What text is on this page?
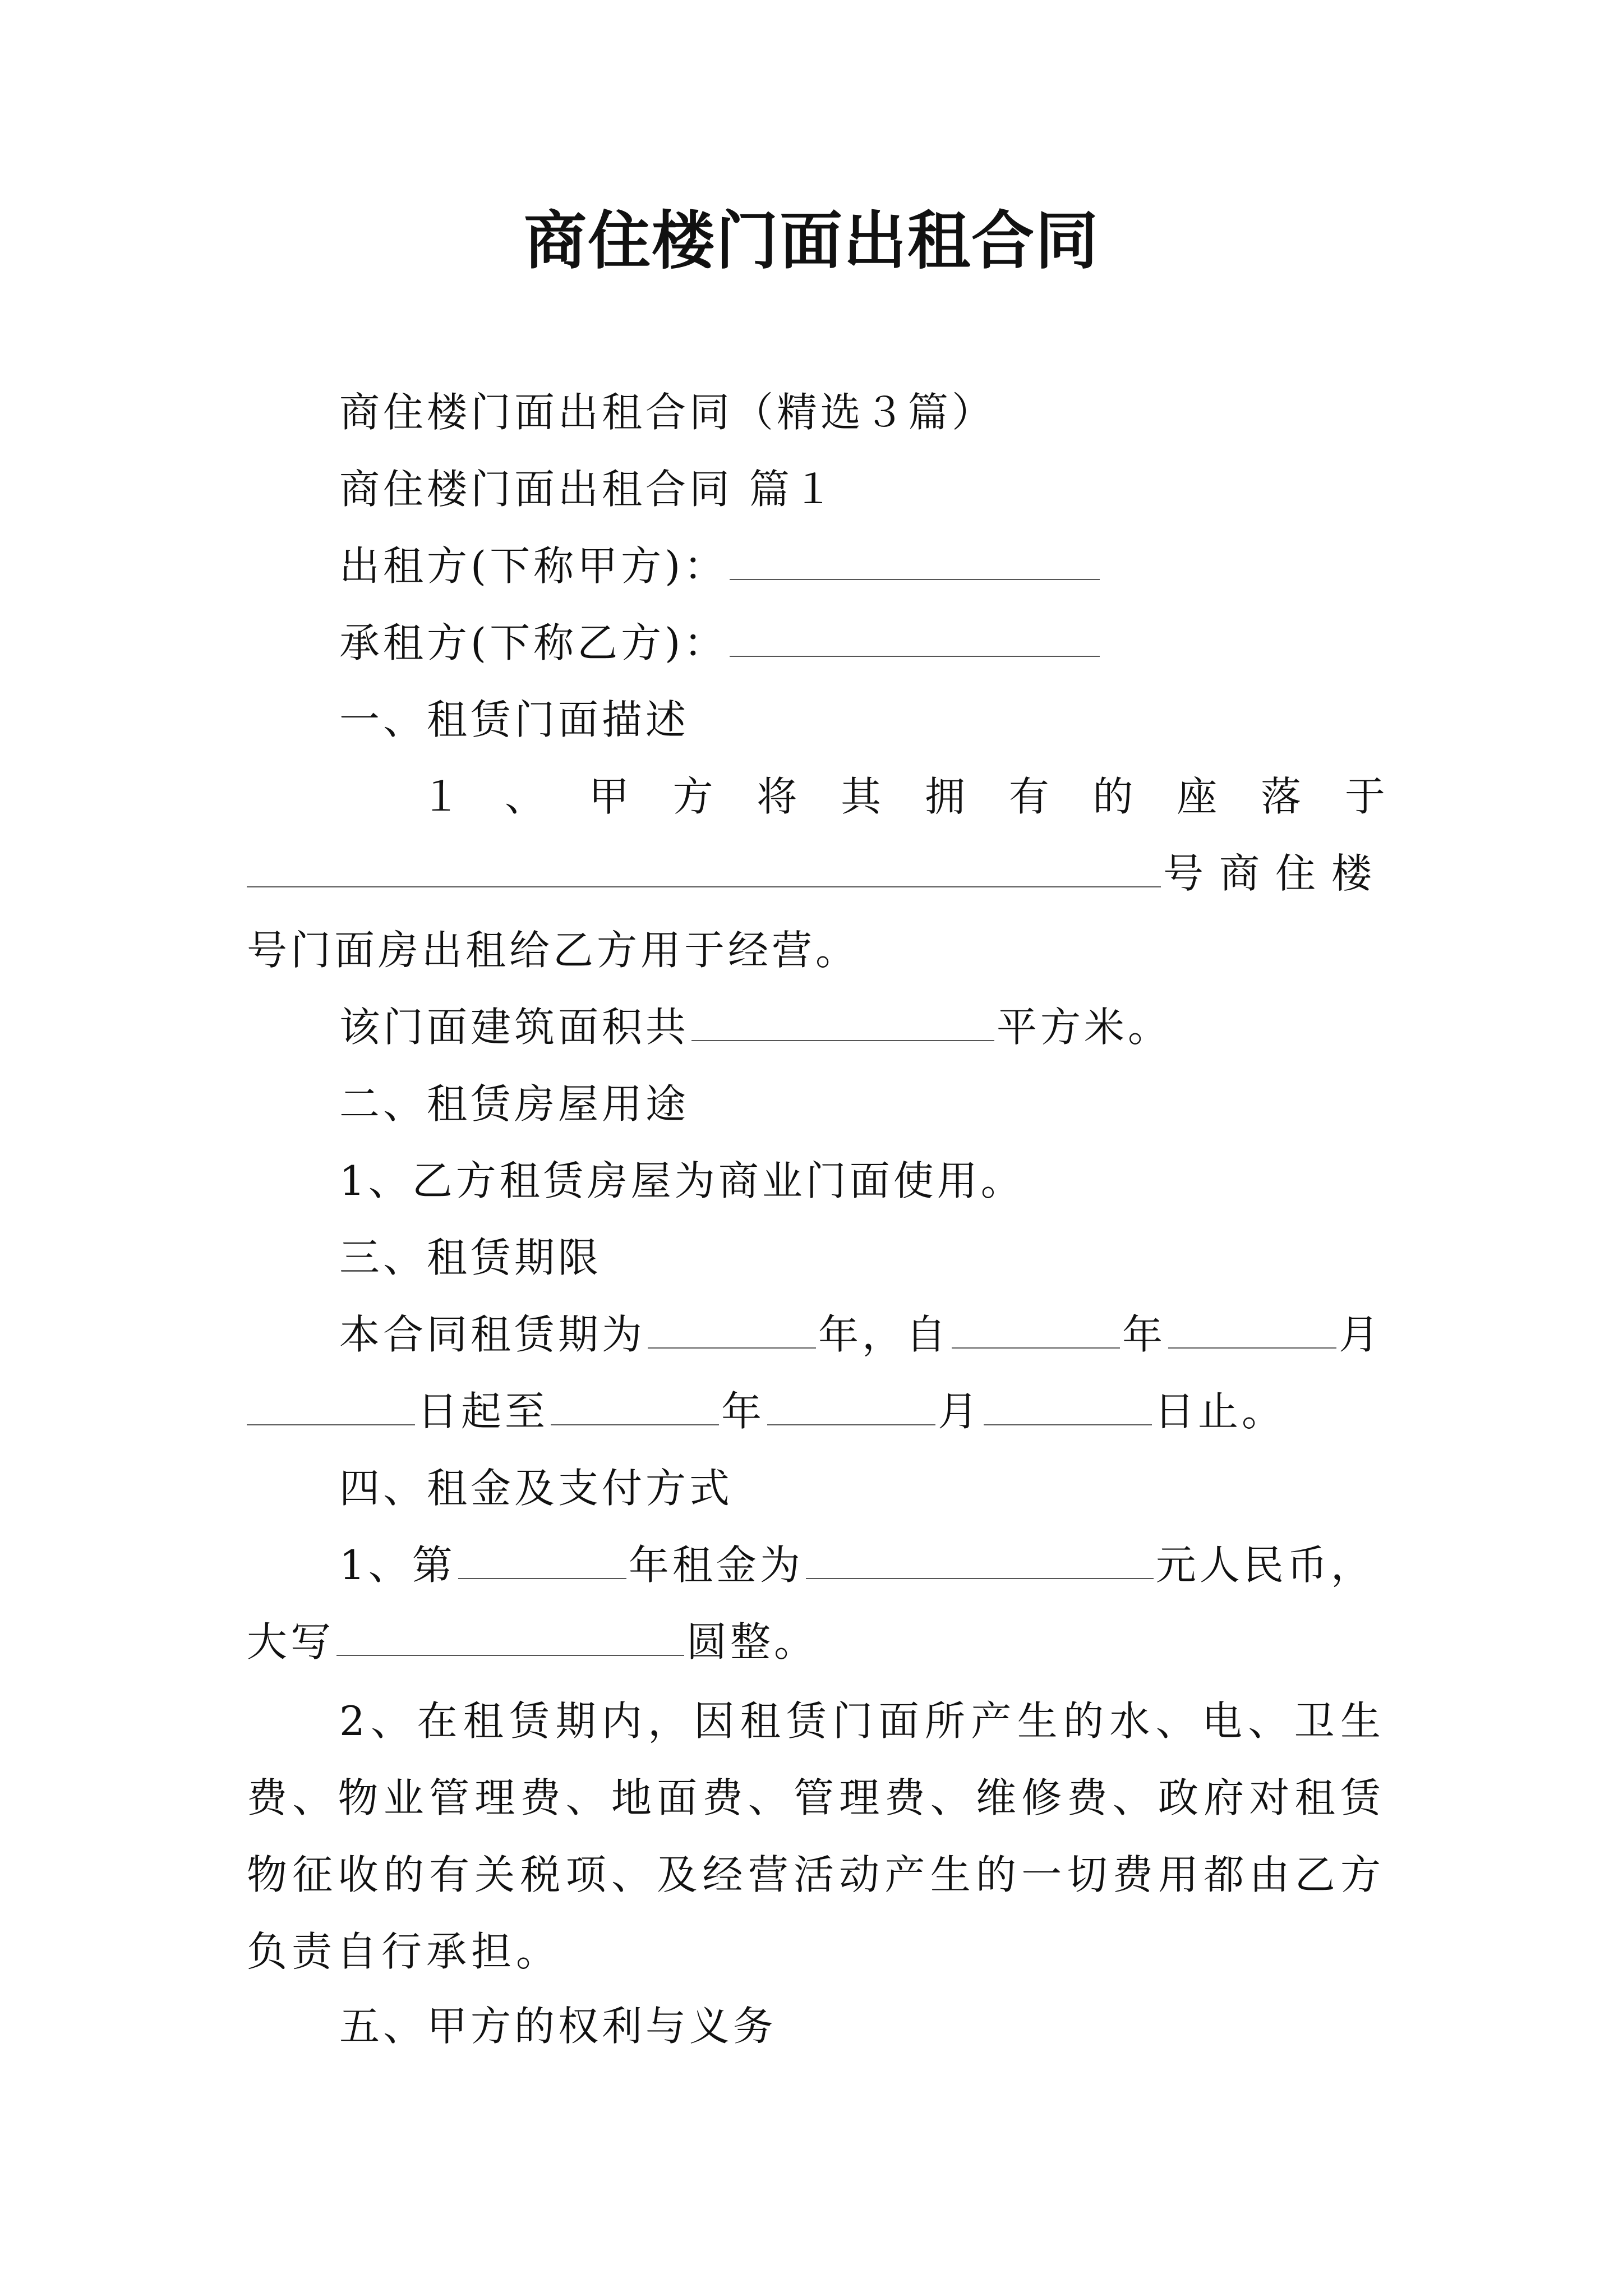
商住楼门面出租合同
商住楼门面出租合同（精选３篇）
商住楼门面出租合同 篇１
出租方(下称甲方)：
承租方(下称乙方)：
一、租赁门面描述
１、甲方将其拥有的座落于
号商住楼
号门面房出租给乙方用于经营。
该门面建筑面积共	平方米。
二、租赁房屋用途
1、乙方租赁房屋为商业门面使用。
三、租赁期限
本合同租赁期为	年，自	年	月
日起至	年	月	日止。
四、租金及支付方式
1、第	年租金为	元人民币，
大写	圆整。
2、在租赁期内，因租赁门面所产生的水、电、卫生费、物业管理费、地面费、管理费、维修费、政府对租赁物征收的有关税项、及经营活动产生的一切费用都由乙方负责自行承担。
五、甲方的权利与义务
